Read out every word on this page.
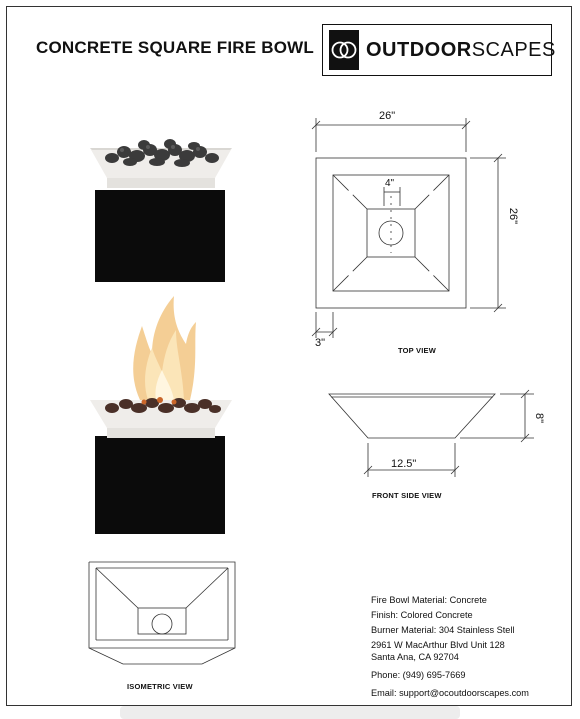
CONCRETE SQUARE FIRE BOWL	OUTDOORSCAPES
26"
26"
4"
3"
TOP VIEW
8"
12.5"
FRONT SIDE VIEW
ISOMETRIC VIEW
Fire Bowl Material: Concrete
Finish: Colored Concrete
Burner Material: 304 Stainless Stell
2961 W MacArthur Blvd Unit 128
Santa Ana, CA 92704
Phone: (949) 695-7669
Email: support@ocoutdoorscapes.com
